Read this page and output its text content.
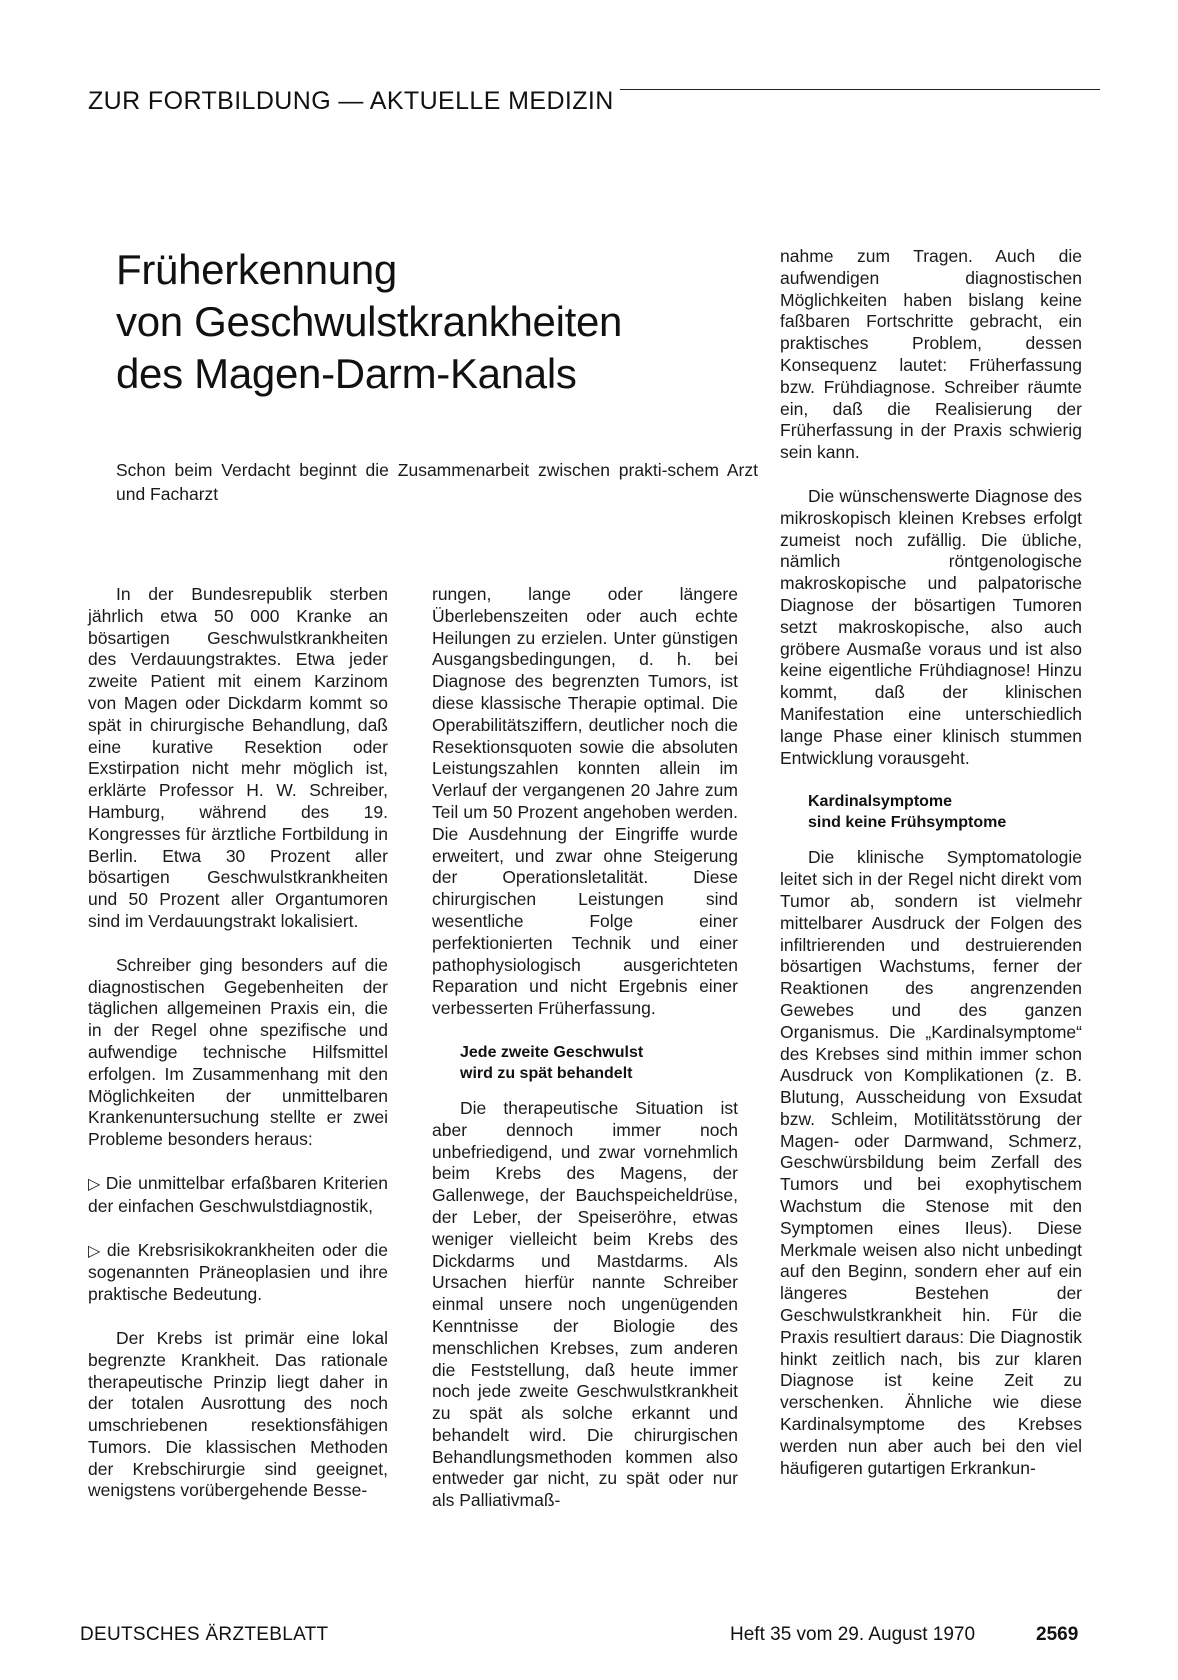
ZUR FORTBILDUNG — AKTUELLE MEDIZIN
Früherkennung
von Geschwulstkrankheiten
des Magen-Darm-Kanals
Schon beim Verdacht beginnt die Zusammenarbeit zwischen prakti-schem Arzt und Facharzt

In der Bundesrepublik sterben jährlich etwa 50 000 Kranke an bösartigen Geschwulstkrankheiten des Verdauungstraktes. Etwa jeder zweite Patient mit einem Karzinom von Magen oder Dickdarm kommt so spät in chirurgische Behandlung, daß eine kurative Resektion oder Exstirpation nicht mehr möglich ist, erklärte Professor H. W. Schreiber, Hamburg, während des 19. Kongresses für ärztliche Fortbildung in Berlin. Etwa 30 Prozent aller bösartigen Geschwulstkrankheiten und 50 Prozent aller Organtumoren sind im Verdauungstrakt lokalisiert.

Schreiber ging besonders auf die diagnostischen Gegebenheiten der täglichen allgemeinen Praxis ein, die in der Regel ohne spezifische und aufwendige technische Hilfsmittel erfolgen. Im Zusammenhang mit den Möglichkeiten der unmittelbaren Krankenuntersuchung stellte er zwei Probleme besonders heraus:

▷ Die unmittelbar erfaßbaren Kriterien der einfachen Geschwulstdiagnostik,

▷ die Krebsrisikokrankheiten oder die sogenannten Präneoplasien und ihre praktische Bedeutung.

Der Krebs ist primär eine lokal begrenzte Krankheit. Das rationale therapeutische Prinzip liegt daher in der totalen Ausrottung des noch umschriebenen resektionsfähigen Tumors. Die klassischen Methoden der Krebschirurgie sind geeignet, wenigstens vorübergehende Besse-

rungen, lange oder längere Überlebenszeiten oder auch echte Heilungen zu erzielen. Unter günstigen Ausgangsbedingungen, d. h. bei Diagnose des begrenzten Tumors, ist diese klassische Therapie optimal. Die Operabilitätsziffern, deutlicher noch die Resektionsquoten sowie die absoluten Leistungszahlen konnten allein im Verlauf der vergangenen 20 Jahre zum Teil um 50 Prozent angehoben werden. Die Ausdehnung der Eingriffe wurde erweitert, und zwar ohne Steigerung der Operationsletalität. Diese chirurgischen Leistungen sind wesentliche Folge einer perfektionierten Technik und einer pathophysiologisch ausgerichteten Reparation und nicht Ergebnis einer verbesserten Früherfassung.

Jede zweite Geschwulst
wird zu spät behandelt

Die therapeutische Situation ist aber dennoch immer noch unbefriedigend, und zwar vornehmlich beim Krebs des Magens, der Gallenwege, der Bauchspeicheldrüse, der Leber, der Speiseröhre, etwas weniger vielleicht beim Krebs des Dickdarms und Mastdarms. Als Ursachen hierfür nannte Schreiber einmal unsere noch ungenügenden Kenntnisse der Biologie des menschlichen Krebses, zum anderen die Feststellung, daß heute immer noch jede zweite Geschwulstkrankheit zu spät als solche erkannt und behandelt wird. Die chirurgischen Behandlungsmethoden kommen also entweder gar nicht, zu spät oder nur als Palliativmaß-

nahme zum Tragen. Auch die aufwendigen diagnostischen Möglichkeiten haben bislang keine faßbaren Fortschritte gebracht, ein praktisches Problem, dessen Konsequenz lautet: Früherfassung bzw. Frühdiagnose. Schreiber räumte ein, daß die Realisierung der Früherfassung in der Praxis schwierig sein kann.

Die wünschenswerte Diagnose des mikroskopisch kleinen Krebses erfolgt zumeist noch zufällig. Die übliche, nämlich röntgenologische makroskopische und palpatorische Diagnose der bösartigen Tumoren setzt makroskopische, also auch gröbere Ausmaße voraus und ist also keine eigentliche Frühdiagnose! Hinzu kommt, daß der klinischen Manifestation eine unterschiedlich lange Phase einer klinisch stummen Entwicklung vorausgeht.

Kardinalsymptome
sind keine Frühsymptome

Die klinische Symptomatologie leitet sich in der Regel nicht direkt vom Tumor ab, sondern ist vielmehr mittelbarer Ausdruck der Folgen des infiltrierenden und destruierenden bösartigen Wachstums, ferner der Reaktionen des angrenzenden Gewebes und des ganzen Organismus. Die „Kardinalsymptome“ des Krebses sind mithin immer schon Ausdruck von Komplikationen (z. B. Blutung, Ausscheidung von Exsudat bzw. Schleim, Motilitätsstörung der Magen- oder Darmwand, Schmerz, Geschwürsbildung beim Zerfall des Tumors und bei exophytischem Wachstum die Stenose mit den Symptomen eines Ileus). Diese Merkmale weisen also nicht unbedingt auf den Beginn, sondern eher auf ein längeres Bestehen der Geschwulstkrankheit hin. Für die Praxis resultiert daraus: Die Diagnostik hinkt zeitlich nach, bis zur klaren Diagnose ist keine Zeit zu verschenken. Ähnliche wie diese Kardinalsymptome des Krebses werden nun aber auch bei den viel häufigeren gutartigen Erkrankun-

DEUTSCHES ÄRZTEBLATT	Heft 35 vom 29. August 1970	2569
